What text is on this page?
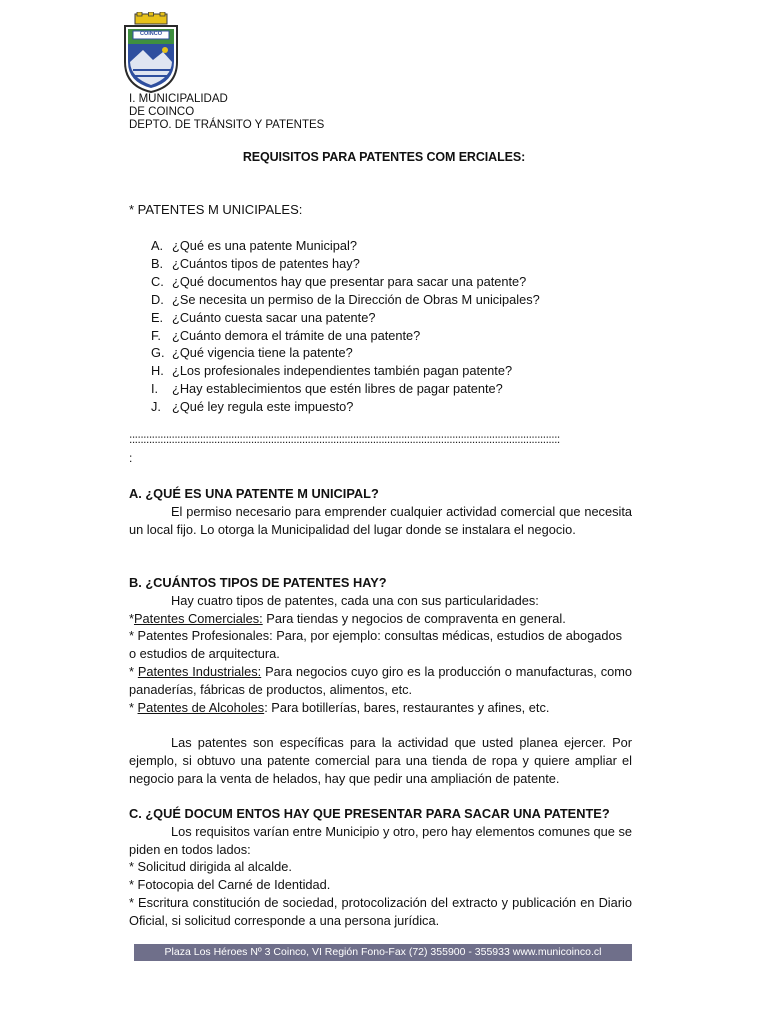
COINCO
I. MUNICIPALIDAD
DE COINCO
DEPTO. DE TRÁNSITO Y PATENTES
REQUISITOS PARA PATENTES COM ERCIALES:
* PATENTES M UNICIPALES:
A. ¿Qué es una patente Municipal?
B. ¿Cuántos tipos de patentes hay?
C. ¿Qué documentos hay que presentar para sacar una patente?
D. ¿Se necesita un permiso de la Dirección de Obras M unicipales?
E. ¿Cuánto cuesta sacar una patente?
F. ¿Cuánto demora el trámite de una patente?
G. ¿Qué vigencia tiene la patente?
H. ¿Los profesionales independientes también pagan patente?
I.	¿Hay establecimientos que estén libres de pagar patente?
J. ¿Qué ley regula este impuesto?
::::::::::::::::::::::::::::::::::::::::::::::::::::::::::::::::::::::::::::::::::::::::::::::::::::::::::::::::::::::::::::::::::::::::::::::::::::::::
:
A. ¿QUÉ ES UNA PATENTE M UNICIPAL?
El permiso necesario para emprender cualquier actividad comercial que necesita un local fijo. Lo otorga la Municipalidad del lugar donde se instalara el negocio.
B. ¿CUÁNTOS TIPOS DE PATENTES HAY?
Hay cuatro tipos de patentes, cada una con sus particularidades:
*Patentes Comerciales: Para tiendas y negocios de compraventa en general.
* Patentes Profesionales: Para, por ejemplo: consultas médicas, estudios de abogados o estudios de arquitectura.
* Patentes Industriales: Para negocios cuyo giro es la producción o manufacturas, como panaderías, fábricas de productos, alimentos, etc.
* Patentes de Alcoholes: Para botillerías, bares, restaurantes y afines, etc.
Las patentes son específicas para la actividad que usted planea ejercer. Por ejemplo, si obtuvo una patente comercial para una tienda de ropa y quiere ampliar el negocio para la venta de helados, hay que pedir una ampliación de patente.
C. ¿QUÉ DOCUM ENTOS HAY QUE PRESENTAR PARA SACAR UNA PATENTE?
Los requisitos varían entre Municipio y otro, pero hay elementos comunes que se piden en todos lados:
* Solicitud dirigida al alcalde.
* Fotocopia del Carné de Identidad.
* Escritura constitución de sociedad, protocolización del extracto y publicación en Diario Oficial, si solicitud corresponde a una persona jurídica.
Plaza Los Héroes Nº 3 Coinco, VI Región Fono-Fax (72) 355900 - 355933 www.municoinco.cl
